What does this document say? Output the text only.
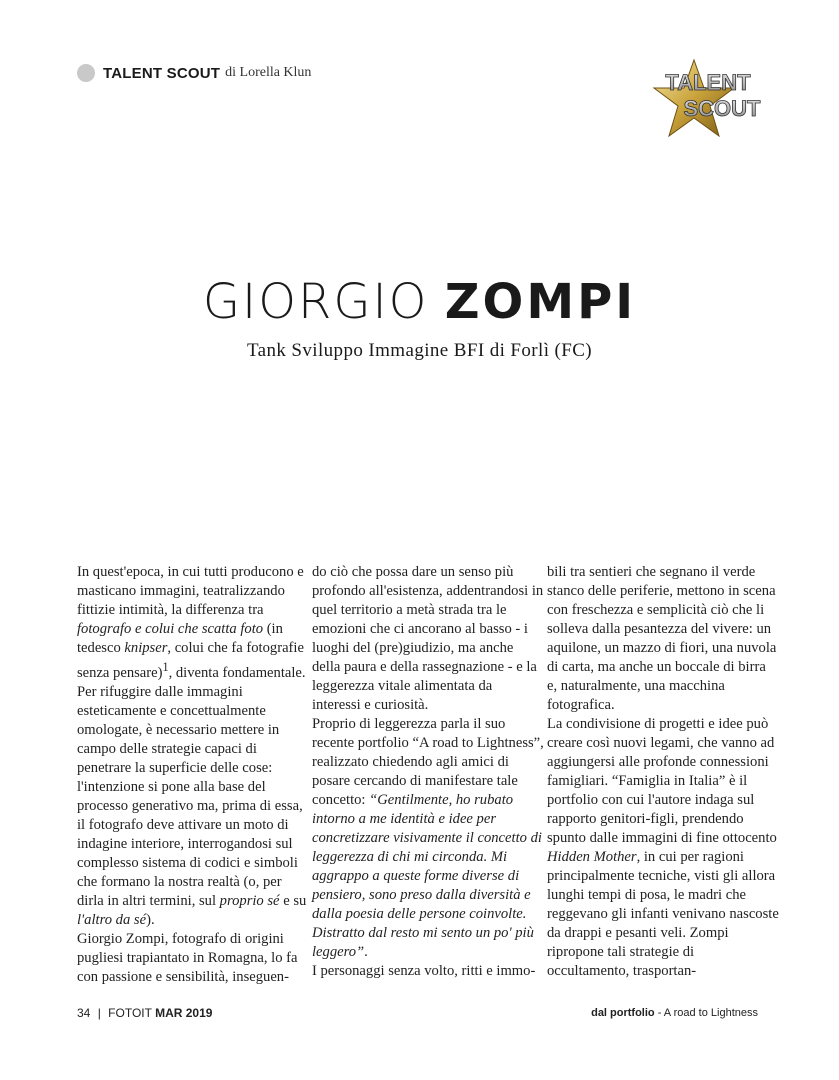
TALENT SCOUT di Lorella Klun	TALENT
SCOUT
GIORGIO ZOMPI
Tank Sviluppo Immagine BFI di Forlì (FC)

In quest'epoca, in cui tutti producono e masticano immagini, teatralizzando fittizie intimità, la differenza tra fotografo e colui che scatta foto (in tedesco knipser, colui che fa fotografie senza pensare)$^1$, diventa fondamentale.

Per rifuggire dalle immagini esteticamente e concettualmente omologate, è necessario mettere in campo delle strategie capaci di penetrare la superficie delle cose: l'intenzione si pone alla base del processo generativo ma, prima di essa, il fotografo deve attivare un moto di indagine interiore, interrogandosi sul complesso sistema di codici e simboli che formano la nostra realtà (o, per dirla in altri termini, sul proprio sé e su l'altro da sé).

Giorgio Zompi, fotografo di origini pugliesi trapiantato in Romagna, lo fa con passione e sensibilità, inseguen-

do ciò che possa dare un senso più profondo all'esistenza, addentrandosi in quel territorio a metà strada tra le emozioni che ci ancorano al basso - i luoghi del (pre)giudizio, ma anche della paura e della rassegnazione - e la leggerezza vitale alimentata da interessi e curiosità.

Proprio di leggerezza parla il suo recente portfolio “A road to Lightness”, realizzato chiedendo agli amici di posare cercando di manifestare tale concetto: “Gentilmente, ho rubato intorno a me identità e idee per concretizzare visivamente il concetto di leggerezza di chi mi circonda. Mi aggrappo a queste forme diverse di pensiero, sono preso dalla diversità e dalla poesia delle persone coinvolte. Distratto dal resto mi sento un po' più leggero”.

I personaggi senza volto, ritti e immo-

bili tra sentieri che segnano il verde stanco delle periferie, mettono in scena con freschezza e semplicità ciò che li solleva dalla pesantezza del vivere: un aquilone, un mazzo di fiori, una nuvola di carta, ma anche un boccale di birra e, naturalmente, una macchina fotografica.

La condivisione di progetti e idee può creare così nuovi legami, che vanno ad aggiungersi alle profonde connessioni famigliari. “Famiglia in Italia” è il portfolio con cui l'autore indaga sul rapporto genitori-figli, prendendo spunto dalle immagini di fine ottocento Hidden Mother, in cui per ragioni principalmente tecniche, visti gli allora lunghi tempi di posa, le madri che reggevano gli infanti venivano nascoste da drappi e pesanti veli. Zompi ripropone tali strategie di occultamento, trasportan-

34 | FOTOIT MAR 2019	dal portfolio - A road to Lightness
